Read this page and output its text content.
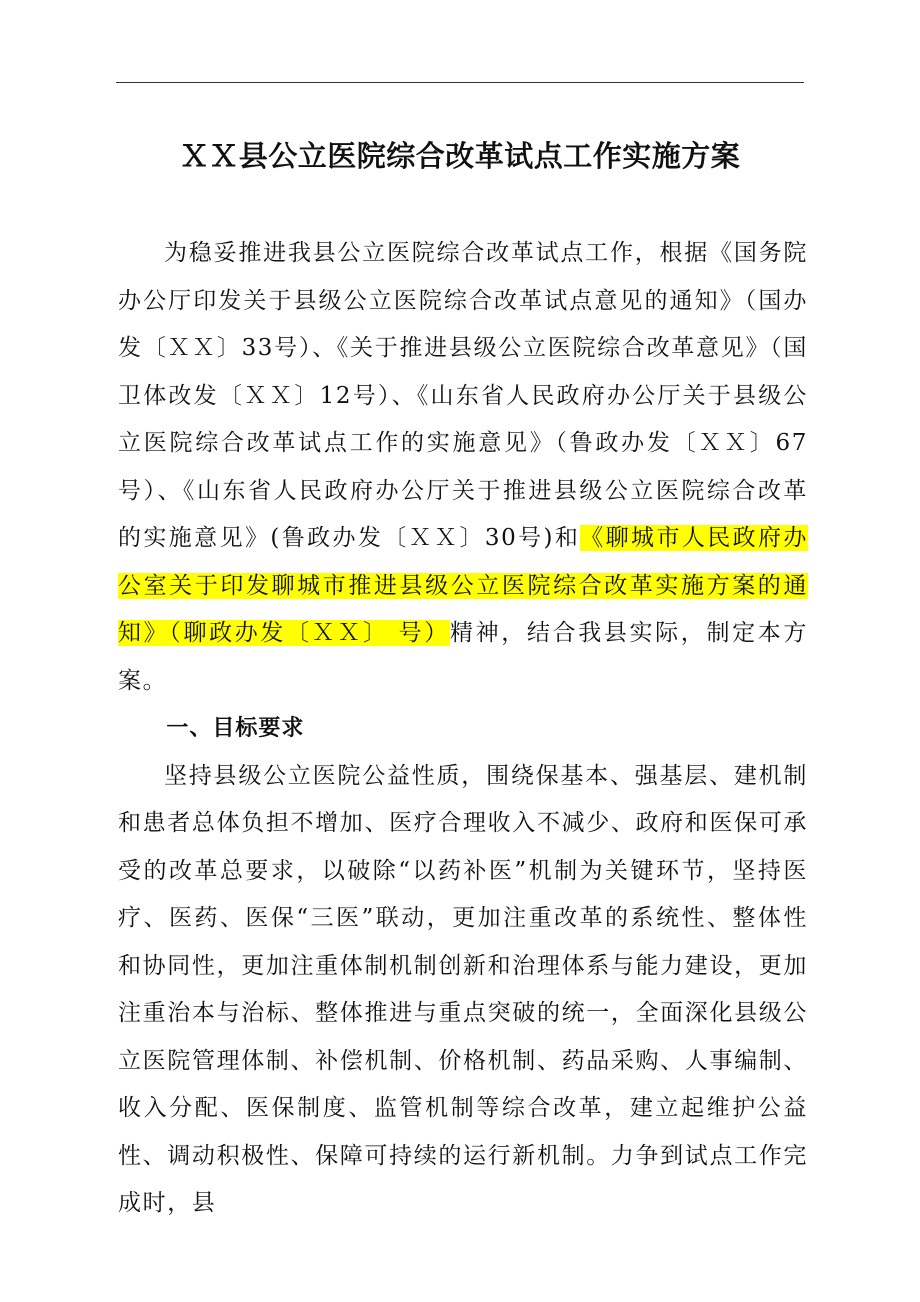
ＸＸ县公立医院综合改革试点工作实施方案

为稳妥推进我县公立医院综合改革试点工作，根据《国务院办公厅印发关于县级公立医院综合改革试点意见的通知》（国办发〔ＸＸ〕33号）、《关于推进县级公立医院综合改革意见》（国卫体改发〔ＸＸ〕12号）、《山东省人民政府办公厅关于县级公立医院综合改革试点工作的实施意见》（鲁政办发〔ＸＸ〕67号）、《山东省人民政府办公厅关于推进县级公立医院综合改革的实施意见》(鲁政办发〔ＸＸ〕30号)和《聊城市人民政府办公室关于印发聊城市推进县级公立医院综合改革实施方案的通知》（聊政办发〔ＸＸ〕 号）精神，结合我县实际，制定本方案。

一、目标要求

坚持县级公立医院公益性质，围绕保基本、强基层、建机制和患者总体负担不增加、医疗合理收入不减少、政府和医保可承受的改革总要求，以破除“以药补医”机制为关键环节，坚持医疗、医药、医保“三医”联动，更加注重改革的系统性、整体性和协同性，更加注重体制机制创新和治理体系与能力建设，更加注重治本与治标、整体推进与重点突破的统一，全面深化县级公立医院管理体制、补偿机制、价格机制、药品采购、人事编制、收入分配、医保制度、监管机制等综合改革，建立起维护公益性、调动积极性、保障可持续的运行新机制。力争到试点工作完成时，县
